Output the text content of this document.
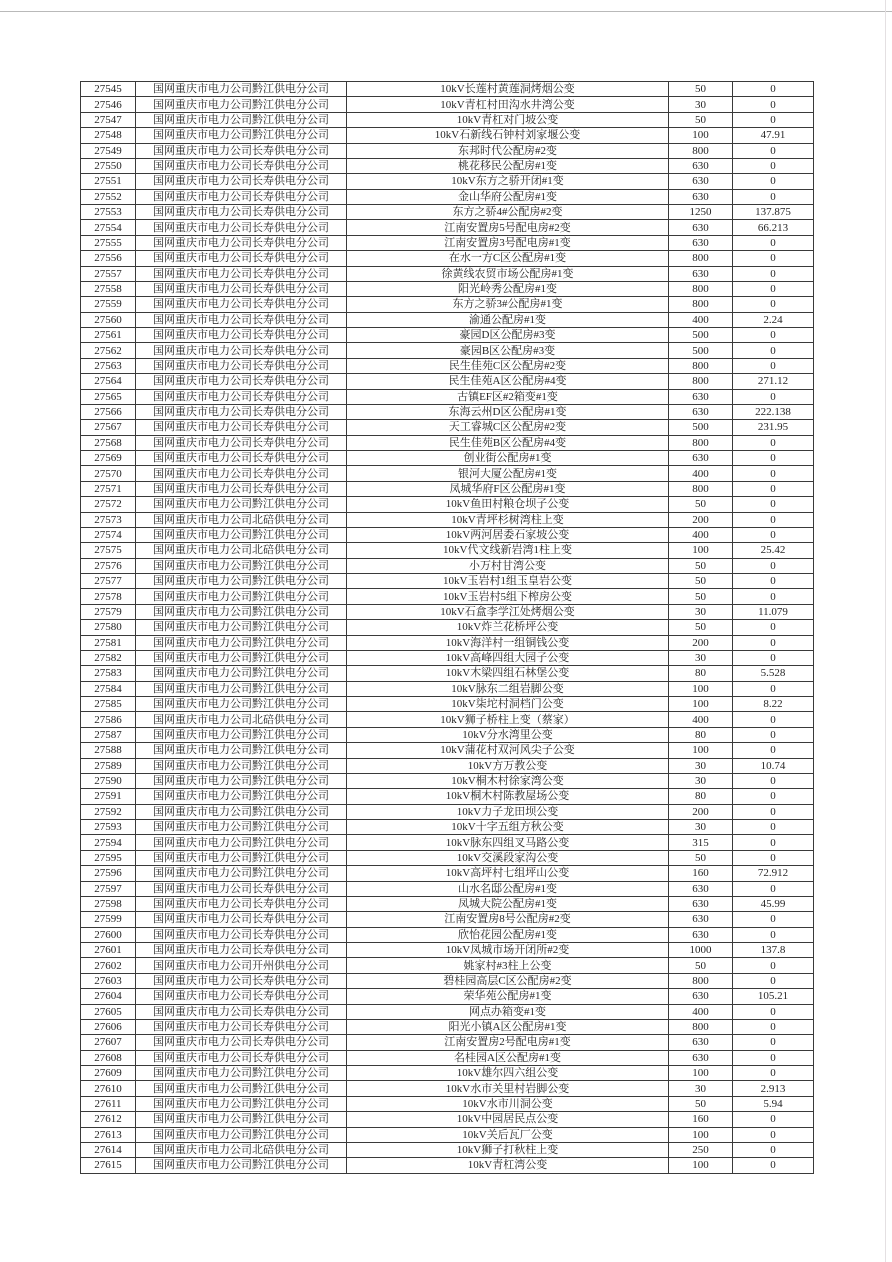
27545	国网重庆市电力公司黔江供电分公司	10kV长莲村黄莲洞烤烟公变	50	0
27546	国网重庆市电力公司黔江供电分公司	10kV青杠村田沟水井湾公变	30	0
27547	国网重庆市电力公司黔江供电分公司	10kV青杠对门坡公变	50	0
27548	国网重庆市电力公司黔江供电分公司	10kV石新线石钟村刘家堰公变	100	47.91
27549	国网重庆市电力公司长寿供电分公司	东邦时代公配房#2变	800	0
27550	国网重庆市电力公司长寿供电分公司	桃花移民公配房#1变	630	0
27551	国网重庆市电力公司长寿供电分公司	10kV东方之骄开闭#1变	630	0
27552	国网重庆市电力公司长寿供电分公司	金山华府公配房#1变	630	0
27553	国网重庆市电力公司长寿供电分公司	东方之骄4#公配房#2变	1250	137.875
27554	国网重庆市电力公司长寿供电分公司	江南安置房5号配电房#2变	630	66.213
27555	国网重庆市电力公司长寿供电分公司	江南安置房3号配电房#1变	630	0
27556	国网重庆市电力公司长寿供电分公司	在水一方C区公配房#1变	800	0
27557	国网重庆市电力公司长寿供电分公司	徐黄线农贸市场公配房#1变	630	0
27558	国网重庆市电力公司长寿供电分公司	阳光岭秀公配房#1变	800	0
27559	国网重庆市电力公司长寿供电分公司	东方之骄3#公配房#1变	800	0
27560	国网重庆市电力公司长寿供电分公司	渝通公配房#1变	400	2.24
27561	国网重庆市电力公司长寿供电分公司	豪园D区公配房#3变	500	0
27562	国网重庆市电力公司长寿供电分公司	豪园B区公配房#3变	500	0
27563	国网重庆市电力公司长寿供电分公司	民生佳苑C区公配房#2变	800	0
27564	国网重庆市电力公司长寿供电分公司	民生佳苑A区公配房#4变	800	271.12
27565	国网重庆市电力公司长寿供电分公司	古镇EF区#2箱变#1变	630	0
27566	国网重庆市电力公司长寿供电分公司	东海云州D区公配房#1变	630	222.138
27567	国网重庆市电力公司长寿供电分公司	天工睿城C区公配房#2变	500	231.95
27568	国网重庆市电力公司长寿供电分公司	民生佳苑B区公配房#4变	800	0
27569	国网重庆市电力公司长寿供电分公司	创业街公配房#1变	630	0
27570	国网重庆市电力公司长寿供电分公司	银河大厦公配房#1变	400	0
27571	国网重庆市电力公司长寿供电分公司	凤城华府F区公配房#1变	800	0
27572	国网重庆市电力公司黔江供电分公司	10kV鱼田村粮仓坝子公变	50	0
27573	国网重庆市电力公司北碚供电分公司	10kV青坪杉树湾柱上变	200	0
27574	国网重庆市电力公司黔江供电分公司	10kV两河居委石家坡公变	400	0
27575	国网重庆市电力公司北碚供电分公司	10kV代文线新岩湾1柱上变	100	25.42
27576	国网重庆市电力公司黔江供电分公司	小万村甘湾公变	50	0
27577	国网重庆市电力公司黔江供电分公司	10kV玉岩村1组玉皇岩公变	50	0
27578	国网重庆市电力公司黔江供电分公司	10kV玉岩村5组下榨房公变	50	0
27579	国网重庆市电力公司黔江供电分公司	10kV石盒李学江处烤烟公变	30	11.079
27580	国网重庆市电力公司黔江供电分公司	10kV炸兰花桥坪公变	50	0
27581	国网重庆市电力公司黔江供电分公司	10kV海洋村一组铜钱公变	200	0
27582	国网重庆市电力公司黔江供电分公司	10kV高峰四组大园子公变	30	0
27583	国网重庆市电力公司黔江供电分公司	10kV木梁四组石林堡公变	80	5.528
27584	国网重庆市电力公司黔江供电分公司	10kV脉东二组岩脚公变	100	0
27585	国网重庆市电力公司黔江供电分公司	10kV柒坨村洞档门公变	100	8.22
27586	国网重庆市电力公司北碚供电分公司	10kV狮子桥柱上变（蔡家）	400	0
27587	国网重庆市电力公司黔江供电分公司	10kV分水湾里公变	80	0
27588	国网重庆市电力公司黔江供电分公司	10kV蒲花村双河风尖子公变	100	0
27589	国网重庆市电力公司黔江供电分公司	10kV方万教公变	30	10.74
27590	国网重庆市电力公司黔江供电分公司	10kV桐木村徐家湾公变	30	0
27591	国网重庆市电力公司黔江供电分公司	10kV桐木村陈教屋场公变	80	0
27592	国网重庆市电力公司黔江供电分公司	10kV力子龙田坝公变	200	0
27593	国网重庆市电力公司黔江供电分公司	10kV十字五组方秋公变	30	0
27594	国网重庆市电力公司黔江供电分公司	10kV脉东四组叉马路公变	315	0
27595	国网重庆市电力公司黔江供电分公司	10kV交溪段家沟公变	50	0
27596	国网重庆市电力公司黔江供电分公司	10kV高坪村七组坪山公变	160	72.912
27597	国网重庆市电力公司长寿供电分公司	山水名邸公配房#1变	630	0
27598	国网重庆市电力公司长寿供电分公司	凤城大院公配房#1变	630	45.99
27599	国网重庆市电力公司长寿供电分公司	江南安置房8号公配房#2变	630	0
27600	国网重庆市电力公司长寿供电分公司	欣怡花园公配房#1变	630	0
27601	国网重庆市电力公司长寿供电分公司	10kV凤城市场开闭所#2变	1000	137.8
27602	国网重庆市电力公司开州供电分公司	姚家村#3柱上公变	50	0
27603	国网重庆市电力公司长寿供电分公司	碧桂园高层C区公配房#2变	800	0
27604	国网重庆市电力公司长寿供电分公司	荣华苑公配房#1变	630	105.21
27605	国网重庆市电力公司长寿供电分公司	网点办箱变#1变	400	0
27606	国网重庆市电力公司长寿供电分公司	阳光小镇A区公配房#1变	800	0
27607	国网重庆市电力公司长寿供电分公司	江南安置房2号配电房#1变	630	0
27608	国网重庆市电力公司长寿供电分公司	名桂园A区公配房#1变	630	0
27609	国网重庆市电力公司黔江供电分公司	10kV雄尔四六组公变	100	0
27610	国网重庆市电力公司黔江供电分公司	10kV水市关里村岩脚公变	30	2.913
27611	国网重庆市电力公司黔江供电分公司	10kV水市川洞公变	50	5.94
27612	国网重庆市电力公司黔江供电分公司	10kV中园居民点公变	160	0
27613	国网重庆市电力公司黔江供电分公司	10kV关后瓦厂公变	100	0
27614	国网重庆市电力公司北碚供电分公司	10kV狮子打秋柱上变	250	0
27615	国网重庆市电力公司黔江供电分公司	10kV青杠湾公变	100	0
